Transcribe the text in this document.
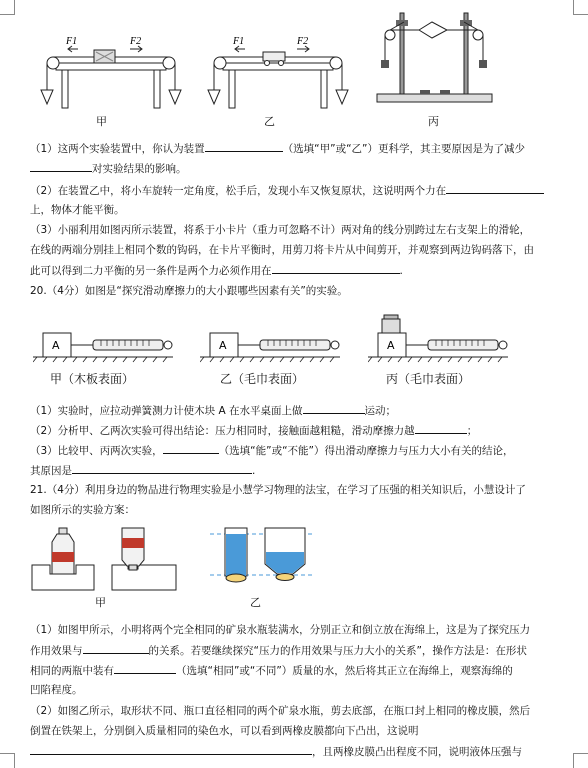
F1	F2
甲
F1	F2
乙	丙
（1）这两个实验装置中，你认为装置	（选填“甲”或“乙”）更科学，其主要原因是为了减少
对实验结果的影响。
（2）在装置乙中，将小车旋转一定角度，松手后，发现小车又恢复原状，这说明两个力在
上，物体才能平衡。
（3）小丽利用如图丙所示装置，将系于小卡片（重力可忽略不计）两对角的线分别跨过左右支架上的滑轮，
在线的两端分别挂上相同个数的钩码，在卡片平衡时，用剪刀将卡片从中间剪开，并观察到两边钩码落下，由
此可以得到二力平衡的另一条件是两个力必须作用在	.
20.（4分）如图是“探究滑动摩擦力的大小跟哪些因素有关”的实验。
A
甲（木板表面）
A
乙（毛巾表面）
A
丙（毛巾表面）
（1）实验时，应拉动弹簧测力计使木块 A 在水平桌面上做	运动；
（2）分析甲、乙两次实验可得出结论：压力相同时，接触面越粗糙，滑动摩擦力越	；
（3）比较甲、丙两次实验，	（选填“能”或“不能”）得出滑动摩擦力与压力大小有关的结论，
其原因是	.
21.（4分）利用身边的物品进行物理实验是小慧学习物理的法宝，在学习了压强的相关知识后，小慧设计了
如图所示的实验方案：
甲	乙
（1）如图甲所示，小明将两个完全相同的矿泉水瓶装满水，分别正立和倒立放在海绵上，这是为了探究压力
作用效果与	的关系。若要继续探究“压力的作用效果与压力大小的关系”，操作方法是：在形状
相同的两瓶中装有	（选填“相同”或“不同”）质量的水，然后将其正立在海绵上，观察海绵的
凹陷程度。
（2）如图乙所示，取形状不同、瓶口直径相同的两个矿泉水瓶，剪去底部，在瓶口封上相同的橡皮膜，然后
倒置在铁架上，分别倒入质量相同的染色水，可以看到两橡皮膜都向下凸出，这说明
，且两橡皮膜凸出程度不同，说明液体压强与
